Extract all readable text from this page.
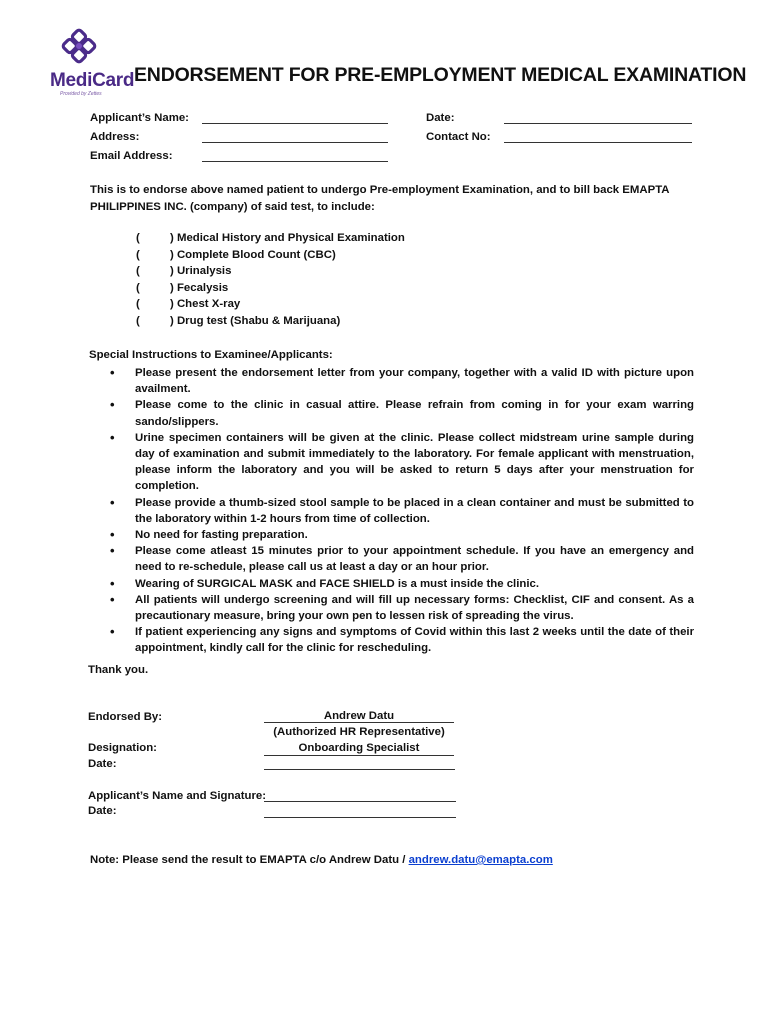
MediCard
Provided by Zettes
ENDORSEMENT FOR PRE-EMPLOYMENT MEDICAL EXAMINATION
Applicant’s Name:
Address:
Email Address:
Date:
Contact No:
This is to endorse above named patient to undergo Pre-employment Examination, and to bill back EMAPTA PHILIPPINES INC. (company) of said test, to include:
(	) Medical History and Physical Examination
(	) Complete Blood Count (CBC)
(	) Urinalysis
(	) Fecalysis
(	) Chest X-ray
(	) Drug test (Shabu & Marijuana)
Special Instructions to Examinee/Applicants:
• Please present the endorsement letter from your company, together with a valid ID with picture upon availment.
• Please come to the clinic in casual attire. Please refrain from coming in for your exam warring sando/slippers.
• Urine specimen containers will be given at the clinic. Please collect midstream urine sample during day of examination and submit immediately to the laboratory. For female applicant with menstruation, please inform the laboratory and you will be asked to return 5 days after your menstruation for completion.
• Please provide a thumb-sized stool sample to be placed in a clean container and must be submitted to the laboratory within 1-2 hours from time of collection.
• No need for fasting preparation.
• Please come atleast 15 minutes prior to your appointment schedule. If you have an emergency and need to re-schedule, please call us at least a day or an hour prior.
• Wearing of SURGICAL MASK and FACE SHIELD is a must inside the clinic.
• All patients will undergo screening and will fill up necessary forms: Checklist, CIF and consent. As a precautionary measure, bring your own pen to lessen risk of spreading the virus.
• If patient experiencing any signs and symptoms of Covid within this last 2 weeks until the date of their appointment, kindly call for the clinic for rescheduling.
Thank you.
Endorsed By:	Andrew Datu
(Authorized HR Representative)
Designation:	Onboarding Specialist
Date:
Applicant’s Name and Signature:
Date:
Note: Please send the result to EMAPTA c/o Andrew Datu / andrew.datu@emapta.com
